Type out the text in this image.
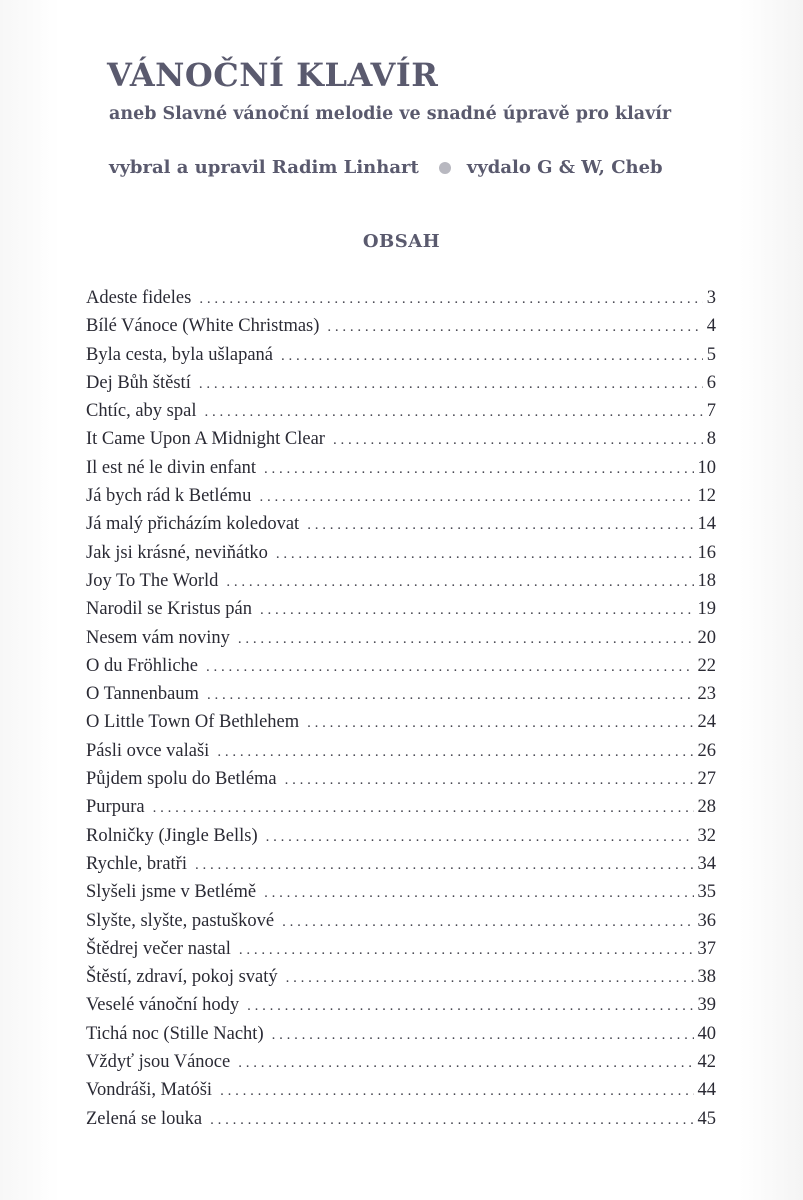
VÁNOČNÍ KLAVÍR

aneb Slavné vánoční melodie ve snadné úpravě pro klavír

vybral a upravil Radim Linhart	vydalo G & W, Cheb
OBSAH
Adeste fideles . . .	3
Bílé Vánoce (White Christmas) . . .	4
Byla cesta, byla ušlapaná . . .	5
Dej Bůh štěstí . . .	6
Chtíc, aby spal . . .	7
It Came Upon A Midnight Clear . . .	8
Il est né le divin enfant . . .	10
Já bych rád k Betlému . . .	12
Já malý přicházím koledovat . . .	14
Jak jsi krásné, neviňátko . . .	16
Joy To The World . . .	18
Narodil se Kristus pán . . .	19
Nesem vám noviny . . .	20
O du Fröhliche . . .	22
O Tannenbaum . . .	23
O Little Town Of Bethlehem . . .	24
Pásli ovce valaši . . .	26
Půjdem spolu do Betléma . . .	27
Purpura . . .	28
Rolničky (Jingle Bells) . . .	32
Rychle, bratři . . .	34
Slyšeli jsme v Betlémě . . .	35
Slyšte, slyšte, pastuškové . . .	36
Štědrej večer nastal . . .	37
Štěstí, zdraví, pokoj svatý . . .	38
Veselé vánoční hody . . .	39
Tichá noc (Stille Nacht) . . .	40
Vždyť jsou Vánoce . . .	42
Vondráši, Matóši . . .	44
Zelená se louka . . .	45
